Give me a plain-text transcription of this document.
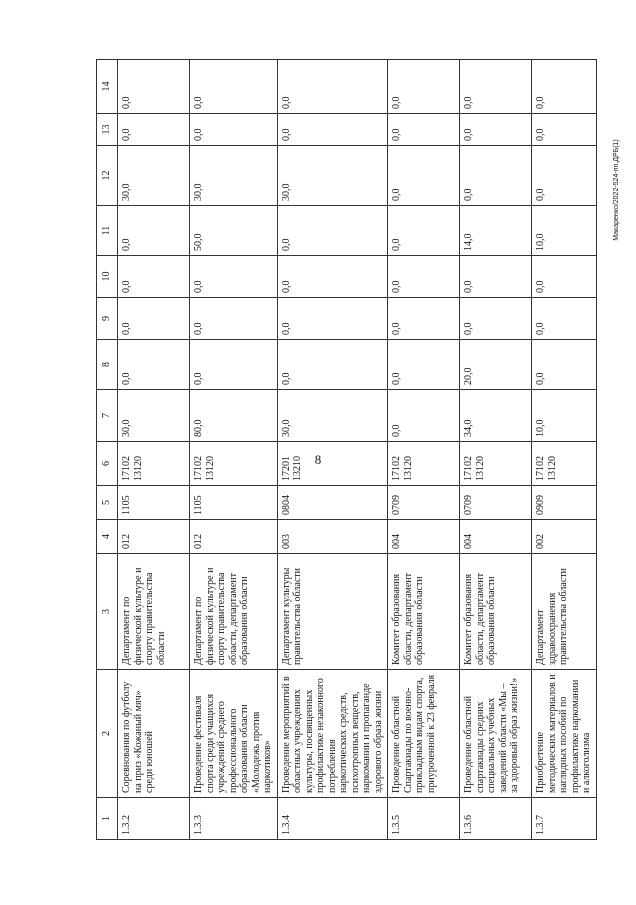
8
Макаренко/2022-524-пп.ДРБ(1)
1	2	3	4	5	6	7	8	9	10	11	12	13	14
1.3.2	Соревнования по футболу на приз «Кожаный мяч» среди юношей	Департамент по физической культуре и спорту правительства области	012	1105	17102 13120	30,0	0,0	0,0	0,0	0,0	30,0	0,0	0,0
1.3.3	Проведение фестиваля спорта среди учащихся учреждений среднего профессионального образования области «Молодежь против наркотиков»	Департамент по физической культуре и спорту правительства области, департамент образования области	012	1105	17102 13120	80,0	0,0	0,0	0,0	50,0	30,0	0,0	0,0
1.3.4	Проведение мероприятий в областных учреждениях культуры, посвященных профилактике незаконного потребления наркотических средств, психотропных веществ, наркомании и пропаганде здорового образа жизни	Департамент культуры правительства области	003	0804	17201 13210	30,0	0,0	0,0	0,0	0,0	30,0	0,0	0,0
1.3.5	Проведение областной Спартакиады по военно-прикладным видам спорта, приуроченной к 23 февраля	Комитет образования области, департамент образования области	004	0709	17102 13120	0,0	0,0	0,0	0,0	0,0	0,0	0,0	0,0
1.3.6	Проведение областной спартакиады средних специальных учебных заведений области «Мы – за здоровый образ жизни!»	Комитет образования области, департамент образования области	004	0709	17102 13120	34,0	20,0	0,0	0,0	14,0	0,0	0,0	0,0
1.3.7	Приобретение методических материалов и наглядных пособий по профилактике наркомании и алкоголизма	Департамент здравоохранения правительства области	002	0909	17102 13120	10,0	0,0	0,0	0,0	10,0	0,0	0,0	0,0
